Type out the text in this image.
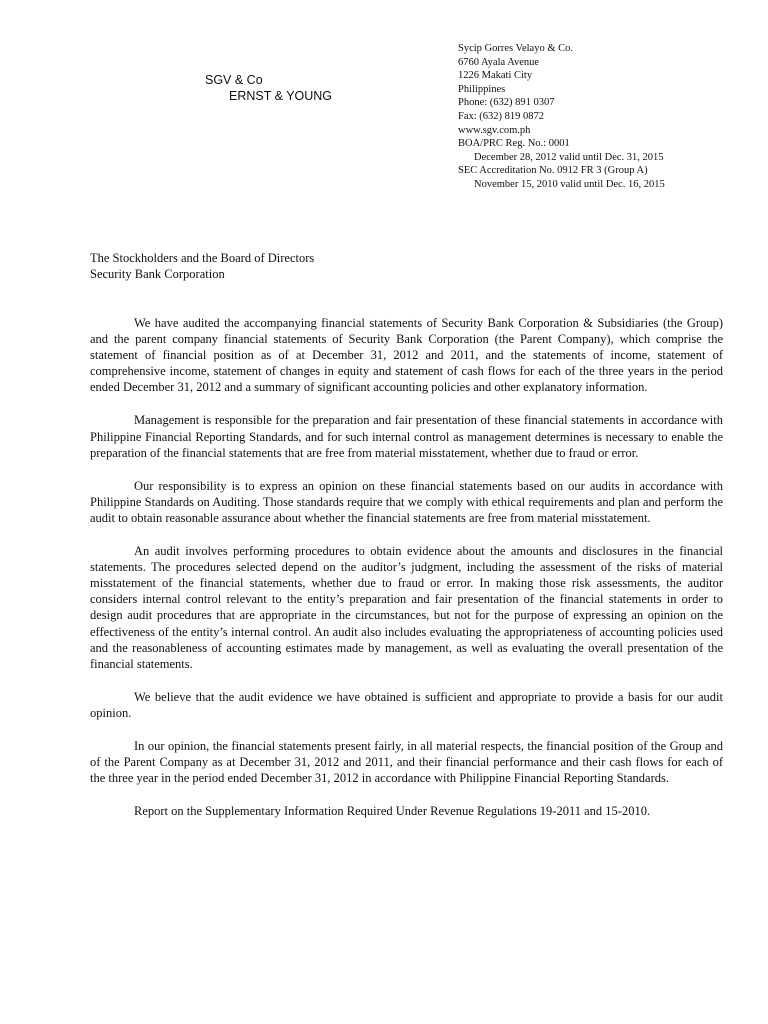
SGV & Co
ERNST & YOUNG
Sycip Gorres Velayo & Co.
6760 Ayala Avenue
1226 Makati City
Philippines
Phone: (632) 891 0307
Fax: (632) 819 0872
www.sgv.com.ph
BOA/PRC Reg. No.: 0001
December 28, 2012 valid until Dec. 31, 2015
SEC Accreditation No. 0912 FR 3 (Group A)
November 15, 2010 valid until Dec. 16, 2015
The Stockholders and the Board of Directors
Security Bank Corporation

We have audited the accompanying financial statements of Security Bank Corporation & Subsidiaries (the Group) and the parent company financial statements of Security Bank Corporation (the Parent Company), which comprise the statement of financial position as of at December 31, 2012 and 2011, and the statements of income, statement of comprehensive income, statement of changes in equity and statement of cash flows for each of the three years in the period ended December 31, 2012 and a summary of significant accounting policies and other explanatory information.

Management is responsible for the preparation and fair presentation of these financial statements in accordance with Philippine Financial Reporting Standards, and for such internal control as management determines is necessary to enable the preparation of the financial statements that are free from material misstatement, whether due to fraud or error.

Our responsibility is to express an opinion on these financial statements based on our audits in accordance with Philippine Standards on Auditing. Those standards require that we comply with ethical requirements and plan and perform the audit to obtain reasonable assurance about whether the financial statements are free from material misstatement.

An audit involves performing procedures to obtain evidence about the amounts and disclosures in the financial statements. The procedures selected depend on the auditor’s judgment, including the assessment of the risks of material misstatement of the financial statements, whether due to fraud or error. In making those risk assessments, the auditor considers internal control relevant to the entity’s preparation and fair presentation of the financial statements in order to design audit procedures that are appropriate in the circumstances, but not for the purpose of expressing an opinion on the effectiveness of the entity’s internal control. An audit also includes evaluating the appropriateness of accounting policies used and the reasonableness of accounting estimates made by management, as well as evaluating the overall presentation of the financial statements.

We believe that the audit evidence we have obtained is sufficient and appropriate to provide a basis for our audit opinion.

In our opinion, the financial statements present fairly, in all material respects, the financial position of the Group and of the Parent Company as at December 31, 2012 and 2011, and their financial performance and their cash flows for each of the three year in the period ended December 31, 2012 in accordance with Philippine Financial Reporting Standards.

Report on the Supplementary Information Required Under Revenue Regulations 19-2011 and 15-2010.
